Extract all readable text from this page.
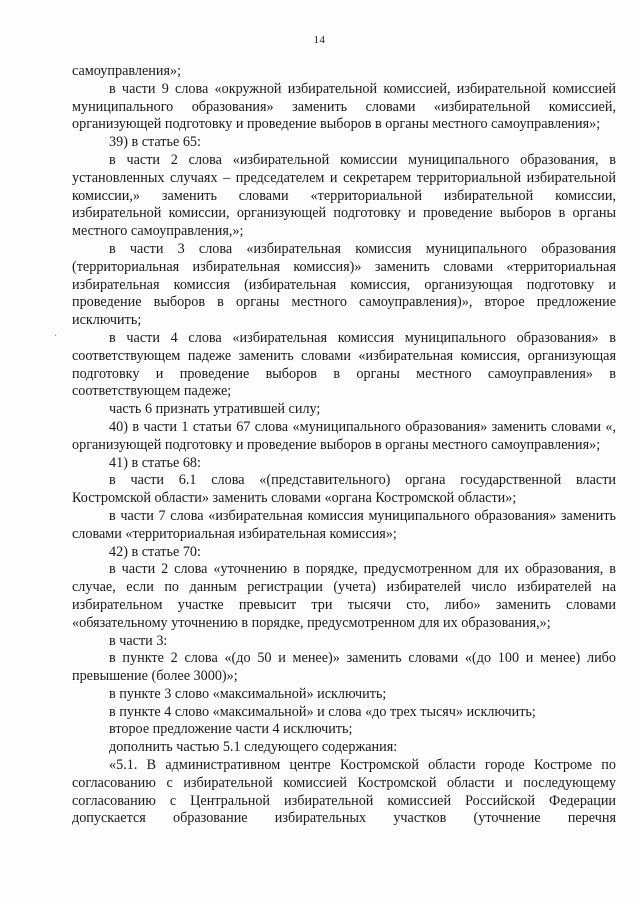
14
·

самоуправления»;

в части 9 слова «окружной избирательной комиссией, избирательной комиссией муниципального образования» заменить словами «избирательной комиссией, организующей подготовку и проведение выборов в органы местного самоуправления»;

39) в статье 65:

в части 2 слова «избирательной комиссии муниципального образования, в установленных случаях – председателем и секретарем территориальной избирательной комиссии,» заменить словами «территориальной избирательной комиссии, избирательной комиссии, организующей подготовку и проведение выборов в органы местного самоуправления,»;

в части 3 слова «избирательная комиссия муниципального образования (территориальная избирательная комиссия)» заменить словами «территориальная избирательная комиссия (избирательная комиссия, организующая подготовку и проведение выборов в органы местного самоуправления)», второе предложение исключить;

в части 4 слова «избирательная комиссия муниципального образования» в соответствующем падеже заменить словами «избирательная комиссия, организующая подготовку и проведение выборов в органы местного самоуправления» в соответствующем падеже;

часть 6 признать утратившей силу;

40) в части 1 статьи 67 слова «муниципального образования» заменить словами «, организующей подготовку и проведение выборов в органы местного самоуправления»;

41) в статье 68:

в части 6.1 слова «(представительного) органа государственной власти Костромской области» заменить словами «органа Костромской области»;

в части 7 слова «избирательная комиссия муниципального образования» заменить словами «территориальная избирательная комиссия»;

42) в статье 70:

в части 2 слова «уточнению в порядке, предусмотренном для их образования, в случае, если по данным регистрации (учета) избирателей число избирателей на избирательном участке превысит три тысячи сто, либо» заменить словами «обязательному уточнению в порядке, предусмотренном для их образования,»;

в части 3:

в пункте 2 слова «(до 50 и менее)» заменить словами «(до 100 и менее) либо превышение (более 3000)»;

в пункте 3 слово «максимальной» исключить;

в пункте 4 слово «максимальной» и слова «до трех тысяч» исключить;

второе предложение части 4 исключить;

дополнить частью 5.1 следующего содержания:

«5.1. В административном центре Костромской области городе Костроме по согласованию с избирательной комиссией Костромской области и последующему согласованию с Центральной избирательной комиссией Российской Федерации допускается образование избирательных участков (уточнение перечня
